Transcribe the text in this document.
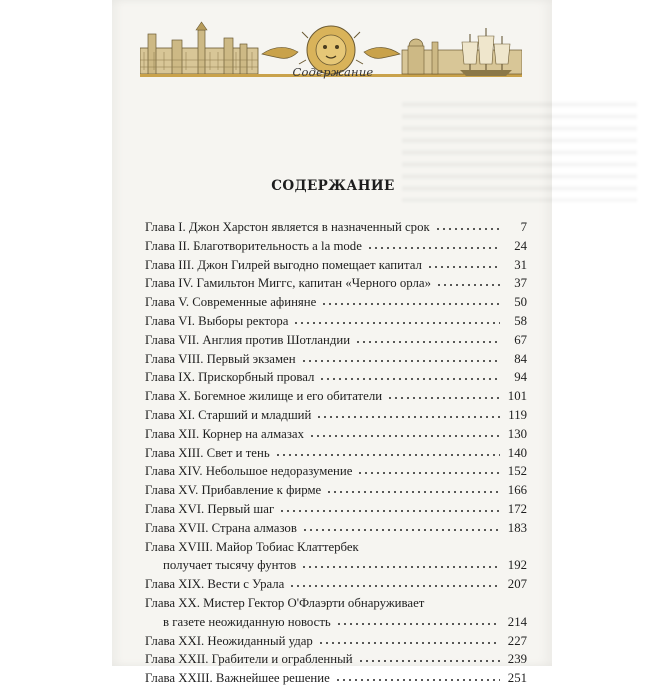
Содержание
СОДЕРЖАНИЕ
Глава I. Джон Харстон является в назначенный срок	7
Глава II. Благотворительность a la mode	24
Глава III. Джон Гилрей выгодно помещает капитал	31
Глава IV. Гамильтон Миггс, капитан «Черного орла»	37
Глава V. Современные афиняне	50
Глава VI. Выборы ректора	58
Глава VII. Англия против Шотландии	67
Глава VIII. Первый экзамен	84
Глава IX. Прискорбный провал	94
Глава X. Богемное жилище и его обитатели	101
Глава XI. Старший и младший	119
Глава XII. Корнер на алмазах	130
Глава XIII. Свет и тень	140
Глава XIV. Небольшое недоразумение	152
Глава XV. Прибавление к фирме	166
Глава XVI. Первый шаг	172
Глава XVII. Страна алмазов	183
Глава XVIII. Майор Тобиас Клаттербек
получает тысячу фунтов	192
Глава XIX. Вести с Урала	207
Глава XX. Мистер Гектор О'Флаэрти обнаруживает
в газете неожиданную новость	214
Глава XXI. Неожиданный удар	227
Глава XXII. Грабители и ограбленный	239
Глава XXIII. Важнейшее решение	251
